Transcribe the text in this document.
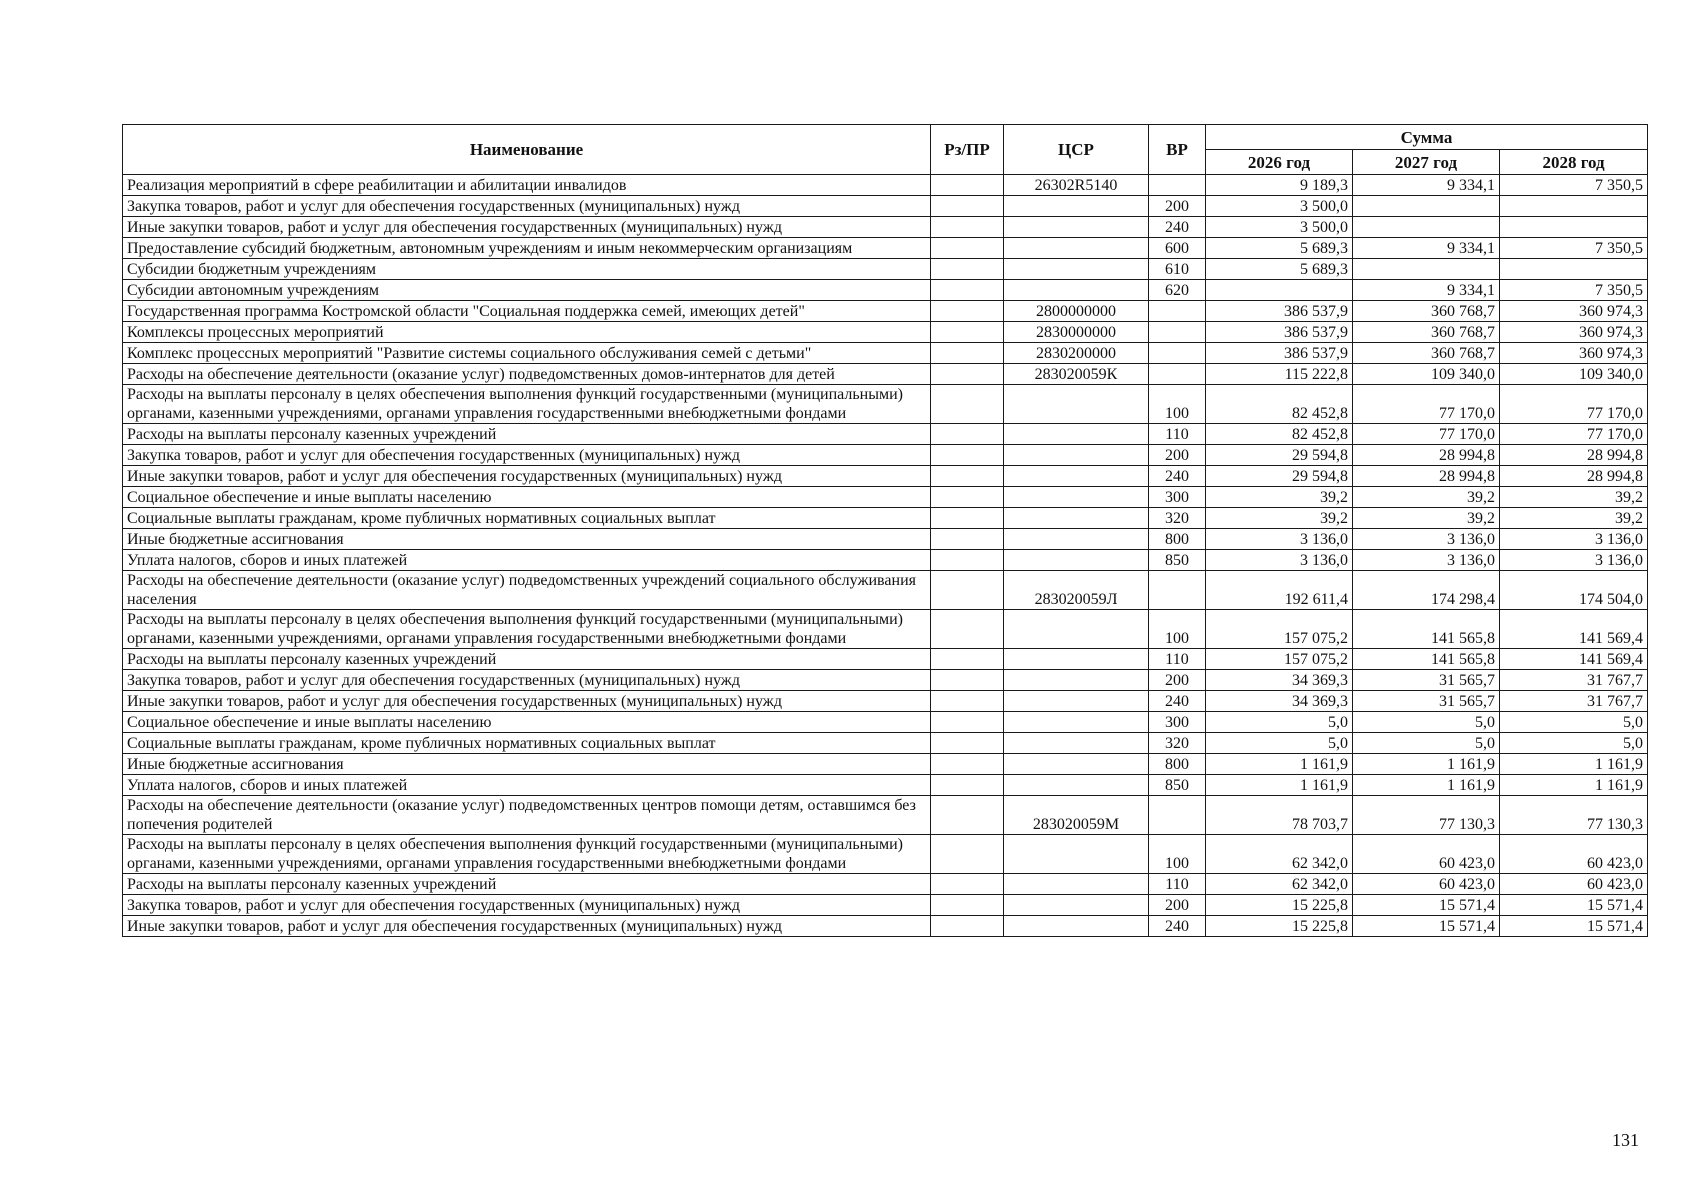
Наименование	Рз/ПР	ЦСР	ВР	Сумма		
				2026 год	2027 год	2028 год
Реализация мероприятий в сфере реабилитации и абилитации инвалидов		26302R5140		9 189,3	9 334,1	7 350,5
Закупка товаров, работ и услуг для обеспечения государственных (муниципальных) нужд			200	3 500,0		
Иные закупки товаров, работ и услуг для обеспечения государственных (муниципальных) нужд			240	3 500,0		
Предоставление субсидий бюджетным, автономным учреждениям и иным некоммерческим организациям			600	5 689,3	9 334,1	7 350,5
Субсидии бюджетным учреждениям			610	5 689,3		
Субсидии автономным учреждениям			620		9 334,1	7 350,5
Государственная программа Костромской области "Социальная поддержка семей, имеющих детей"		2800000000		386 537,9	360 768,7	360 974,3
Комплексы процессных мероприятий		2830000000		386 537,9	360 768,7	360 974,3
Комплекс процессных мероприятий "Развитие системы социального обслуживания семей с детьми"		2830200000		386 537,9	360 768,7	360 974,3
Расходы на обеспечение деятельности (оказание услуг) подведомственных домов-интернатов для детей		283020059К		115 222,8	109 340,0	109 340,0
Расходы на выплаты персоналу в целях обеспечения выполнения функций государственными (муниципальными) органами, казенными учреждениями, органами управления государственными внебюджетными фондами			100	82 452,8	77 170,0	77 170,0
Расходы на выплаты персоналу казенных учреждений			110	82 452,8	77 170,0	77 170,0
Закупка товаров, работ и услуг для обеспечения государственных (муниципальных) нужд			200	29 594,8	28 994,8	28 994,8
Иные закупки товаров, работ и услуг для обеспечения государственных (муниципальных) нужд			240	29 594,8	28 994,8	28 994,8
Социальное обеспечение и иные выплаты населению			300	39,2	39,2	39,2
Социальные выплаты гражданам, кроме публичных нормативных социальных выплат			320	39,2	39,2	39,2
Иные бюджетные ассигнования			800	3 136,0	3 136,0	3 136,0
Уплата налогов, сборов и иных платежей			850	3 136,0	3 136,0	3 136,0
Расходы на обеспечение деятельности (оказание услуг) подведомственных учреждений социального обслуживания населения		283020059Л		192 611,4	174 298,4	174 504,0
Расходы на выплаты персоналу в целях обеспечения выполнения функций государственными (муниципальными) органами, казенными учреждениями, органами управления государственными внебюджетными фондами			100	157 075,2	141 565,8	141 569,4
Расходы на выплаты персоналу казенных учреждений			110	157 075,2	141 565,8	141 569,4
Закупка товаров, работ и услуг для обеспечения государственных (муниципальных) нужд			200	34 369,3	31 565,7	31 767,7
Иные закупки товаров, работ и услуг для обеспечения государственных (муниципальных) нужд			240	34 369,3	31 565,7	31 767,7
Социальное обеспечение и иные выплаты населению			300	5,0	5,0	5,0
Социальные выплаты гражданам, кроме публичных нормативных социальных выплат			320	5,0	5,0	5,0
Иные бюджетные ассигнования			800	1 161,9	1 161,9	1 161,9
Уплата налогов, сборов и иных платежей			850	1 161,9	1 161,9	1 161,9
Расходы на обеспечение деятельности (оказание услуг) подведомственных центров помощи детям, оставшимся без попечения родителей		283020059М		78 703,7	77 130,3	77 130,3
Расходы на выплаты персоналу в целях обеспечения выполнения функций государственными (муниципальными) органами, казенными учреждениями, органами управления государственными внебюджетными фондами			100	62 342,0	60 423,0	60 423,0
Расходы на выплаты персоналу казенных учреждений			110	62 342,0	60 423,0	60 423,0
Закупка товаров, работ и услуг для обеспечения государственных (муниципальных) нужд			200	15 225,8	15 571,4	15 571,4
Иные закупки товаров, работ и услуг для обеспечения государственных (муниципальных) нужд			240	15 225,8	15 571,4	15 571,4
131
